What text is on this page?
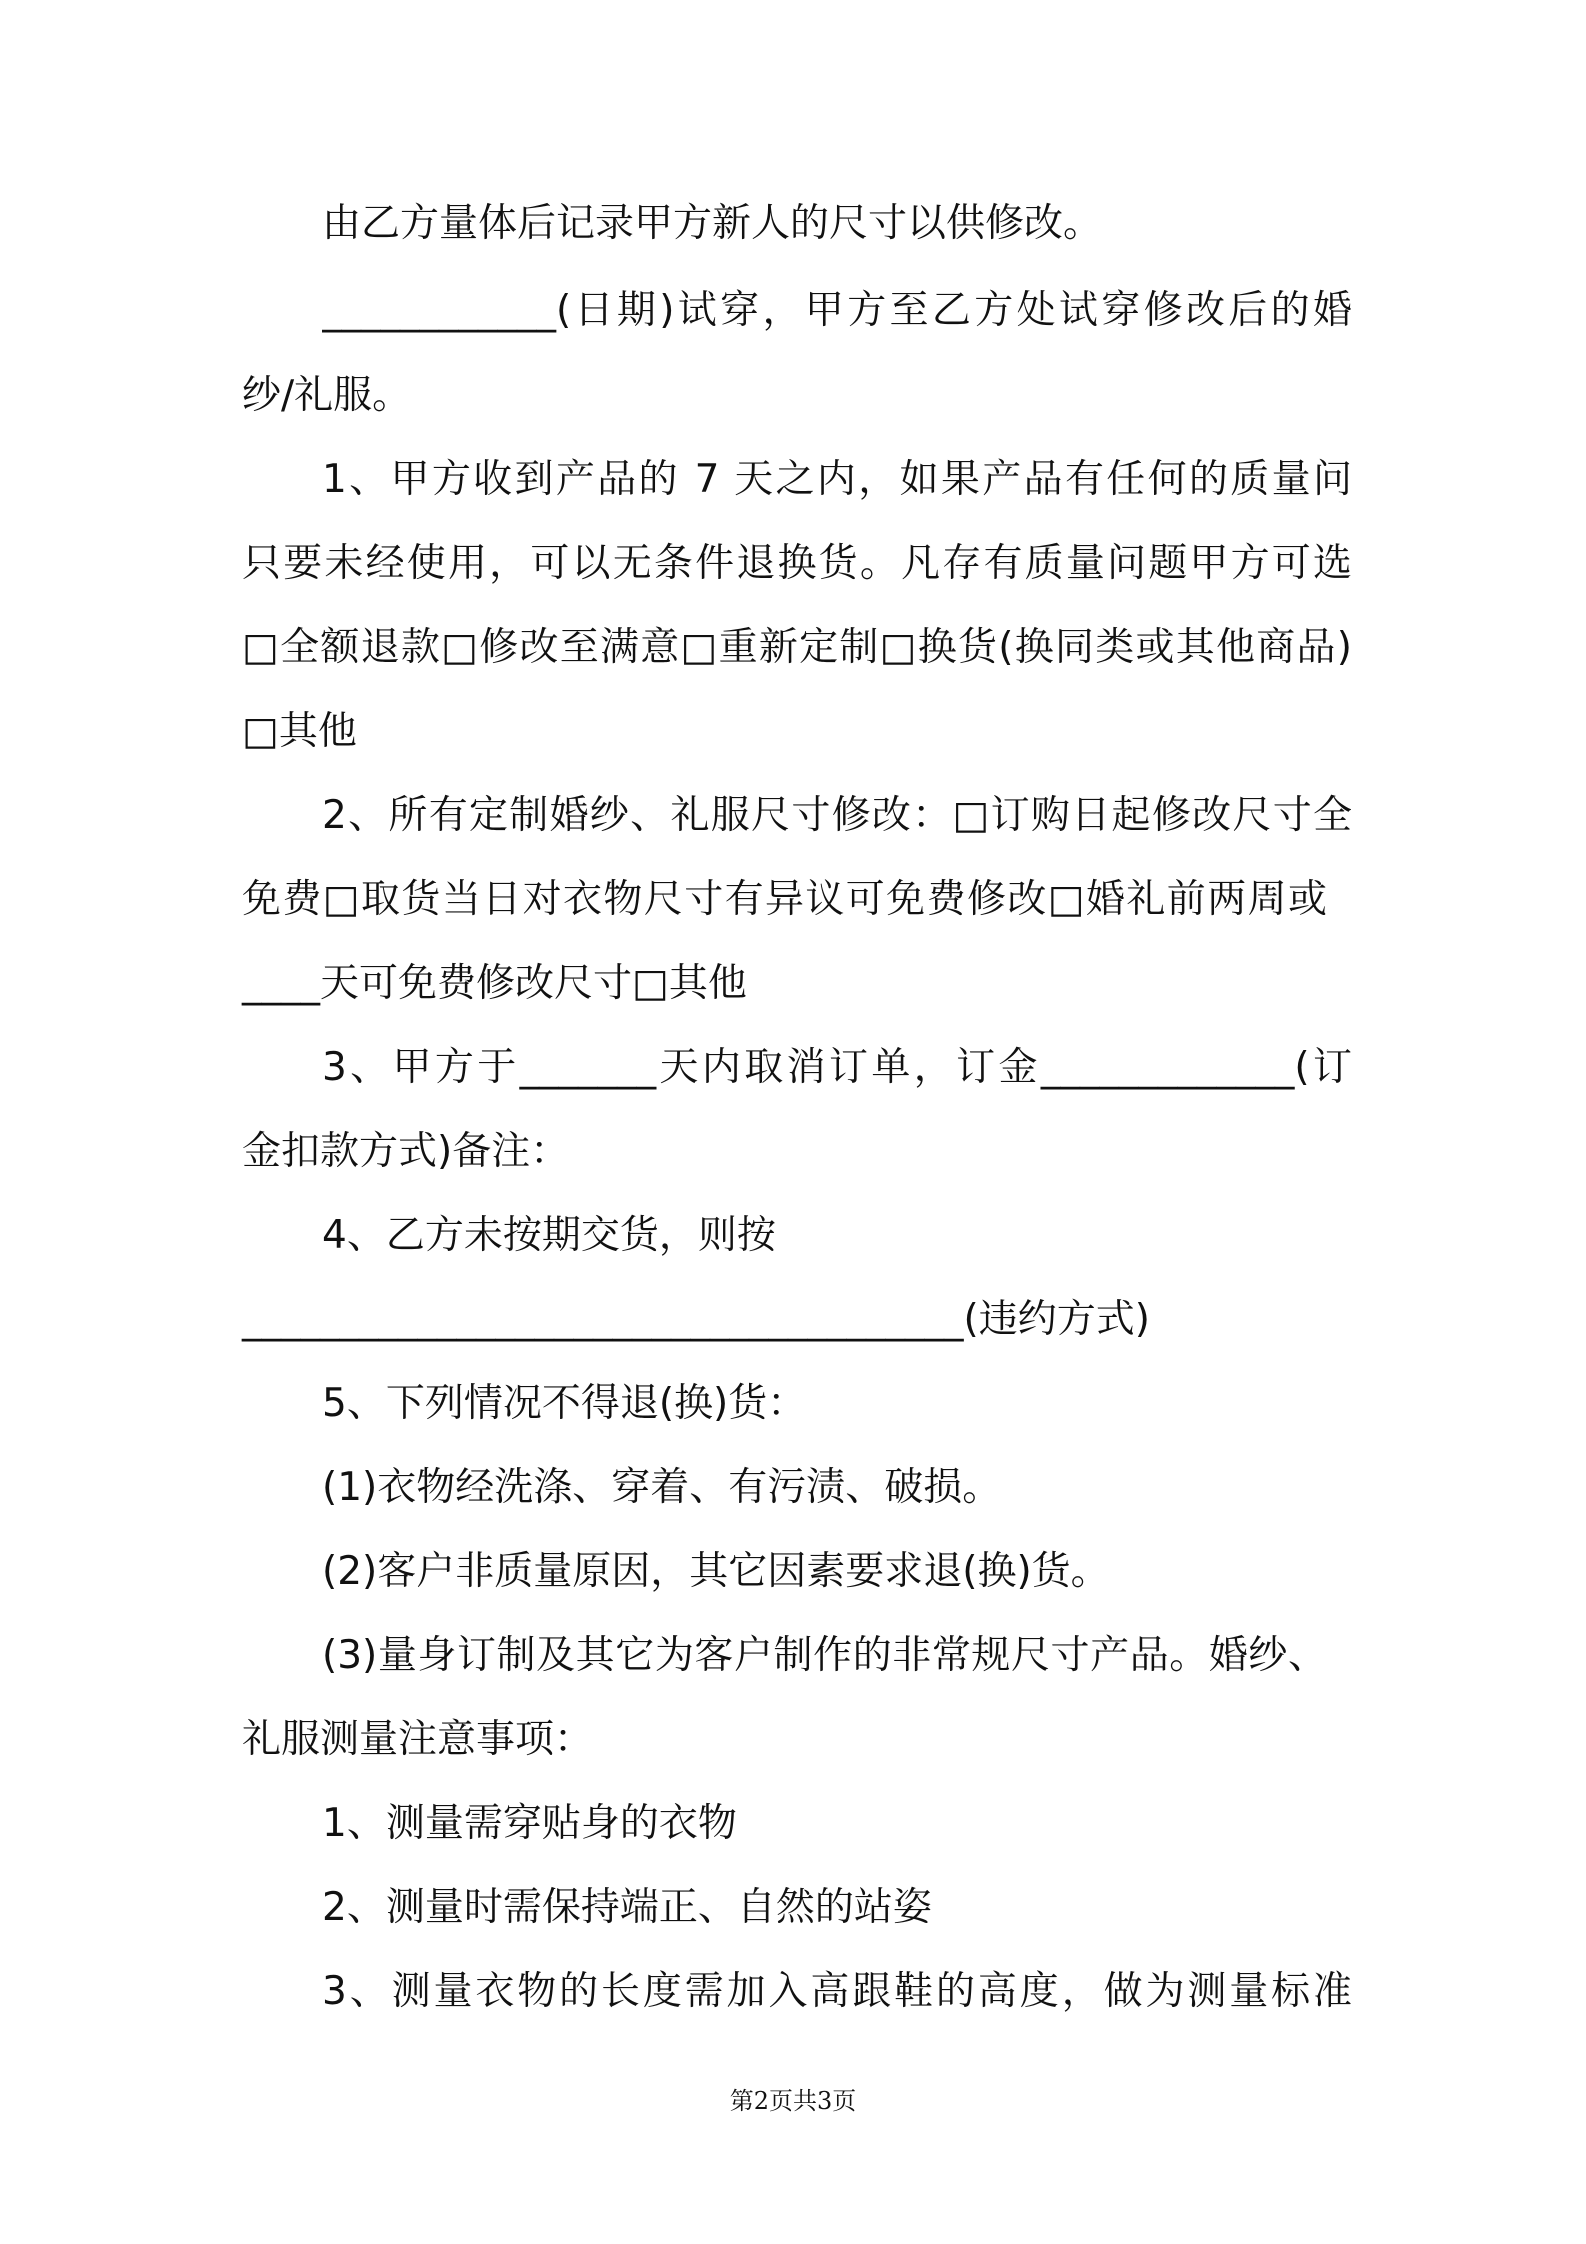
由乙方量体后记录甲方新人的尺寸以供修改。
____________(日期)试穿，甲方至乙方处试穿修改后的婚
纱/礼服。
1、甲方收到产品的 7 天之内，如果产品有任何的质量问
只要未经使用，可以无条件退换货。凡存有质量问题甲方可选
□全额退款□修改至满意□重新定制□换货(换同类或其他商品)
□其他
2、所有定制婚纱、礼服尺寸修改：□订购日起修改尺寸全
免费□取货当日对衣物尺寸有异议可免费修改□婚礼前两周或
____天可免费修改尺寸□其他
3、甲方于_______天内取消订单，订金_____________(订
金扣款方式)备注：
4、乙方未按期交货，则按
_____________________________________(违约方式)
5、下列情况不得退(换)货：
(1)衣物经洗涤、穿着、有污渍、破损。
(2)客户非质量原因，其它因素要求退(换)货。
(3)量身订制及其它为客户制作的非常规尺寸产品。婚纱、
礼服测量注意事项：
1、测量需穿贴身的衣物
2、测量时需保持端正、自然的站姿
3、测量衣物的长度需加入高跟鞋的高度，做为测量标准
第2页共3页
